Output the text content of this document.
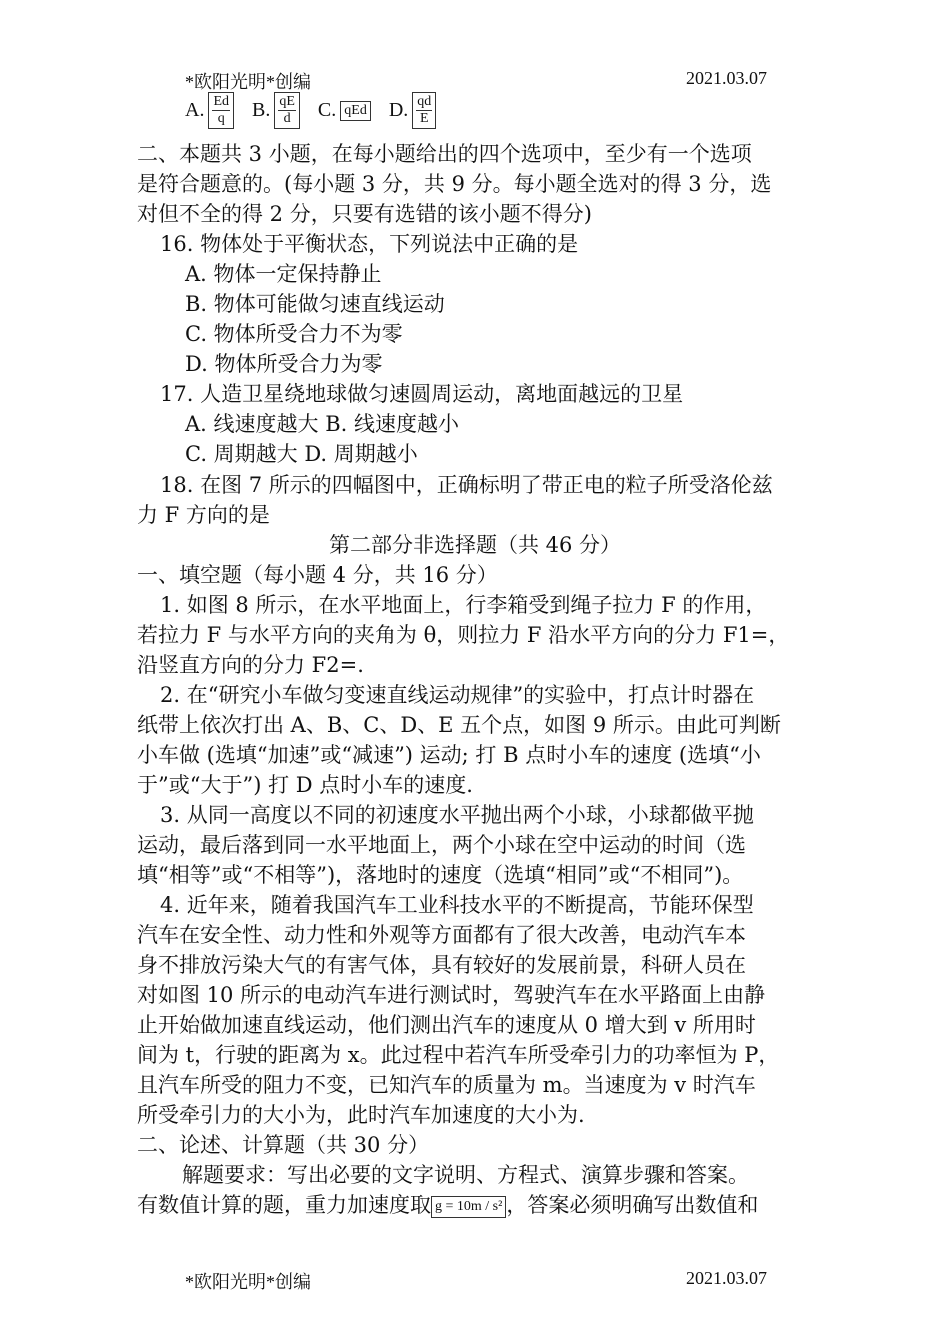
*欧阳光明*创编	2021.03.07
A. $\frac{Ed}{q} B$. $\frac{qE}{d} C$. qEd D. $\frac{qd}{E}$
二、本题共 3 小题，在每小题给出的四个选项中，至少有一个选项
是符合题意的。(每小题 3 分，共 9 分。每小题全选对的得 3 分，选
对但不全的得 2 分，只要有选错的该小题不得分)
16. 物体处于平衡状态，下列说法中正确的是
A. 物体一定保持静止
B. 物体可能做匀速直线运动
C. 物体所受合力不为零
D. 物体所受合力为零
17. 人造卫星绕地球做匀速圆周运动，离地面越远的卫星
A. 线速度越大 B. 线速度越小
C. 周期越大 D. 周期越小
18. 在图 7 所示的四幅图中，正确标明了带正电的粒子所受洛伦兹
力 F 方向的是
第二部分非选择题（共 46 分）
一、填空题（每小题 4 分，共 16 分）
1. 如图 8 所示，在水平地面上，行李箱受到绳子拉力 F 的作用，
若拉力 F 与水平方向的夹角为 θ，则拉力 F 沿水平方向的分力 F1=，
沿竖直方向的分力 F2=.
2. 在“研究小车做匀变速直线运动规律”的实验中，打点计时器在
纸带上依次打出 A、B、C、D、E 五个点，如图 9 所示。由此可判断
小车做 (选填“加速”或“减速”) 运动; 打 B 点时小车的速度 (选填“小
于”或“大于”) 打 D 点时小车的速度.
3. 从同一高度以不同的初速度水平抛出两个小球，小球都做平抛
运动，最后落到同一水平地面上，两个小球在空中运动的时间（选
填“相等”或“不相等”)，落地时的速度（选填“相同”或“不相同”)。
4. 近年来，随着我国汽车工业科技水平的不断提高，节能环保型
汽车在安全性、动力性和外观等方面都有了很大改善，电动汽车本
身不排放污染大气的有害气体，具有较好的发展前景，科研人员在
对如图 10 所示的电动汽车进行测试时，驾驶汽车在水平路面上由静
止开始做加速直线运动，他们测出汽车的速度从 0 增大到 v 所用时
间为 t，行驶的距离为 x。此过程中若汽车所受牵引力的功率恒为 P，
且汽车所受的阻力不变，已知汽车的质量为 m。当速度为 v 时汽车
所受牵引力的大小为，此时汽车加速度的大小为.
二、论述、计算题（共 30 分）
解题要求：写出必要的文字说明、方程式、演算步骤和答案。
有数值计算的题，重力加速度取 g = 10m / s² ，答案必须明确写出数值和
*欧阳光明*创编	2021.03.07
